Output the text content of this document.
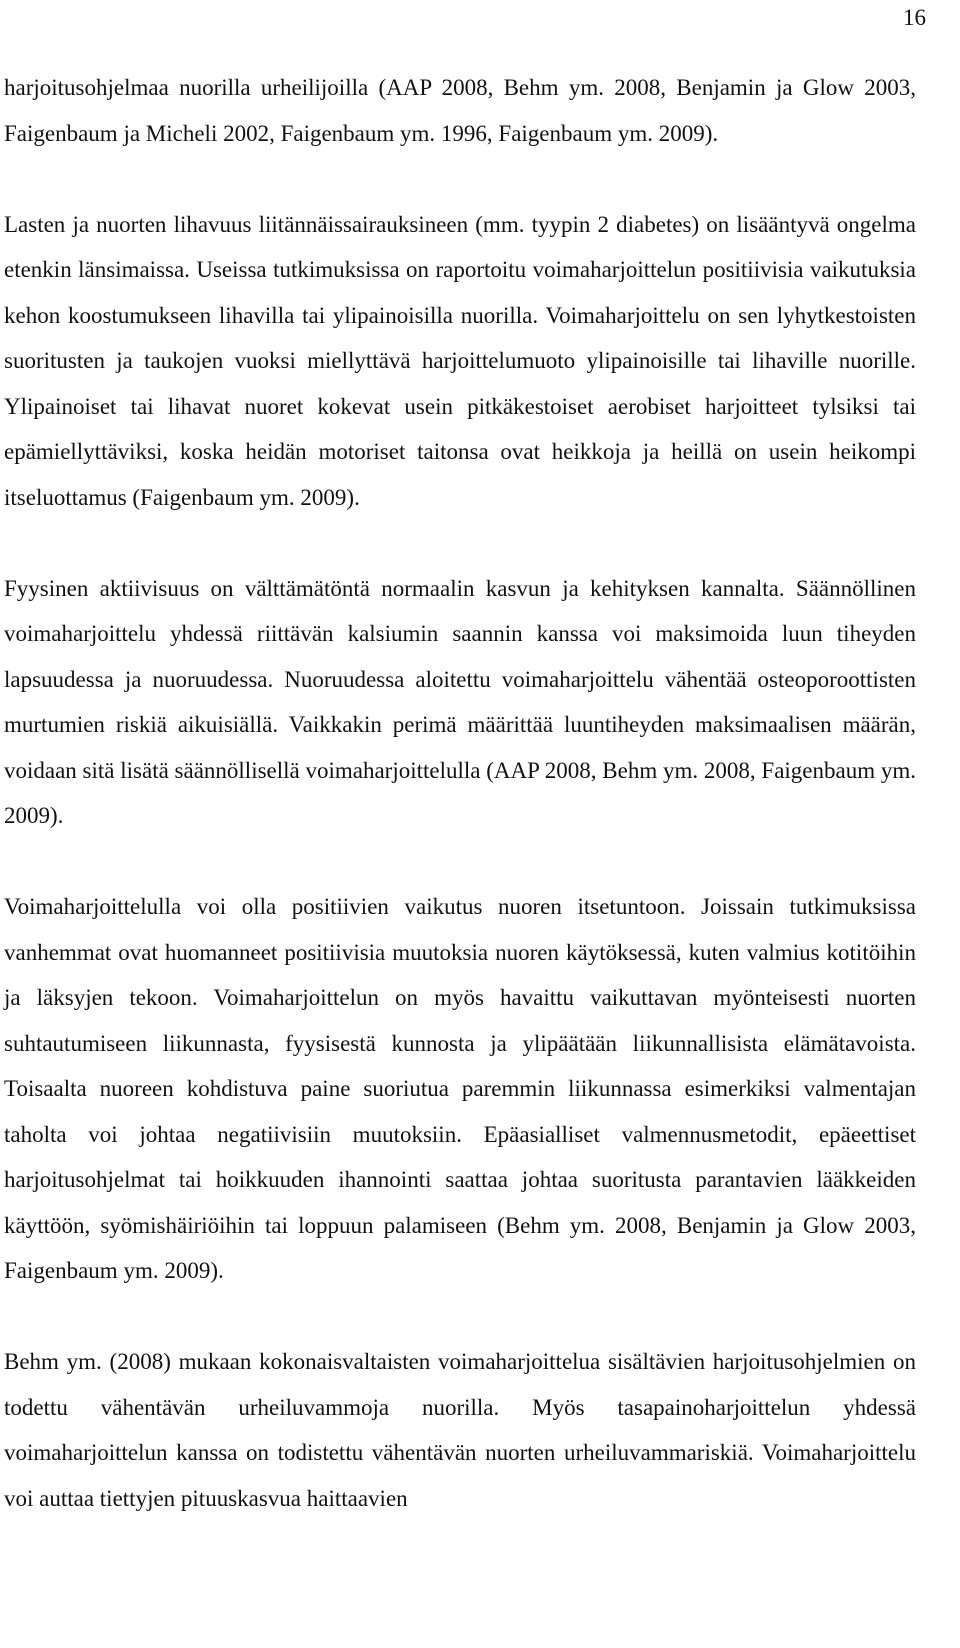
16

harjoitusohjelmaa nuorilla urheilijoilla (AAP 2008, Behm ym. 2008, Benjamin ja Glow 2003, Faigenbaum ja Micheli 2002, Faigenbaum ym. 1996, Faigenbaum ym. 2009).

Lasten ja nuorten lihavuus liitännäissairauksineen (mm. tyypin 2 diabetes) on lisääntyvä ongelma etenkin länsimaissa. Useissa tutkimuksissa on raportoitu voimaharjoittelun positiivisia vaikutuksia kehon koostumukseen lihavilla tai ylipainoisilla nuorilla. Voimaharjoittelu on sen lyhytkestoisten suoritusten ja taukojen vuoksi miellyttävä harjoittelumuoto ylipainoisille tai lihaville nuorille. Ylipainoiset tai lihavat nuoret kokevat usein pitkäkestoiset aerobiset harjoitteet tylsiksi tai epämiellyttäviksi, koska heidän motoriset taitonsa ovat heikkoja ja heillä on usein heikompi itseluottamus (Faigenbaum ym. 2009).

Fyysinen aktiivisuus on välttämätöntä normaalin kasvun ja kehityksen kannalta. Säännöllinen voimaharjoittelu yhdessä riittävän kalsiumin saannin kanssa voi maksimoida luun tiheyden lapsuudessa ja nuoruudessa. Nuoruudessa aloitettu voimaharjoittelu vähentää osteoporoottisten murtumien riskiä aikuisiällä. Vaikkakin perimä määrittää luuntiheyden maksimaalisen määrän, voidaan sitä lisätä säännöllisellä voimaharjoittelulla (AAP 2008, Behm ym. 2008, Faigenbaum ym. 2009).

Voimaharjoittelulla voi olla positiivien vaikutus nuoren itsetuntoon. Joissain tutkimuksissa vanhemmat ovat huomanneet positiivisia muutoksia nuoren käytöksessä, kuten valmius kotitöihin ja läksyjen tekoon. Voimaharjoittelun on myös havaittu vaikuttavan myönteisesti nuorten suhtautumiseen liikunnasta, fyysisestä kunnosta ja ylipäätään liikunnallisista elämätavoista. Toisaalta nuoreen kohdistuva paine suoriutua paremmin liikunnassa esimerkiksi valmentajan taholta voi johtaa negatiivisiin muutoksiin. Epäasialliset valmennusmetodit, epäeettiset harjoitusohjelmat tai hoikkuuden ihannointi saattaa johtaa suoritusta parantavien lääkkeiden käyttöön, syömishäiriöihin tai loppuun palamiseen (Behm ym. 2008, Benjamin ja Glow 2003, Faigenbaum ym. 2009).

Behm ym. (2008) mukaan kokonaisvaltaisten voimaharjoittelua sisältävien harjoitusohjelmien on todettu vähentävän urheiluvammoja nuorilla. Myös tasapainoharjoittelun yhdessä voimaharjoittelun kanssa on todistettu vähentävän nuorten urheiluvammariskiä. Voimaharjoittelu voi auttaa tiettyjen pituuskasvua haittaavien
